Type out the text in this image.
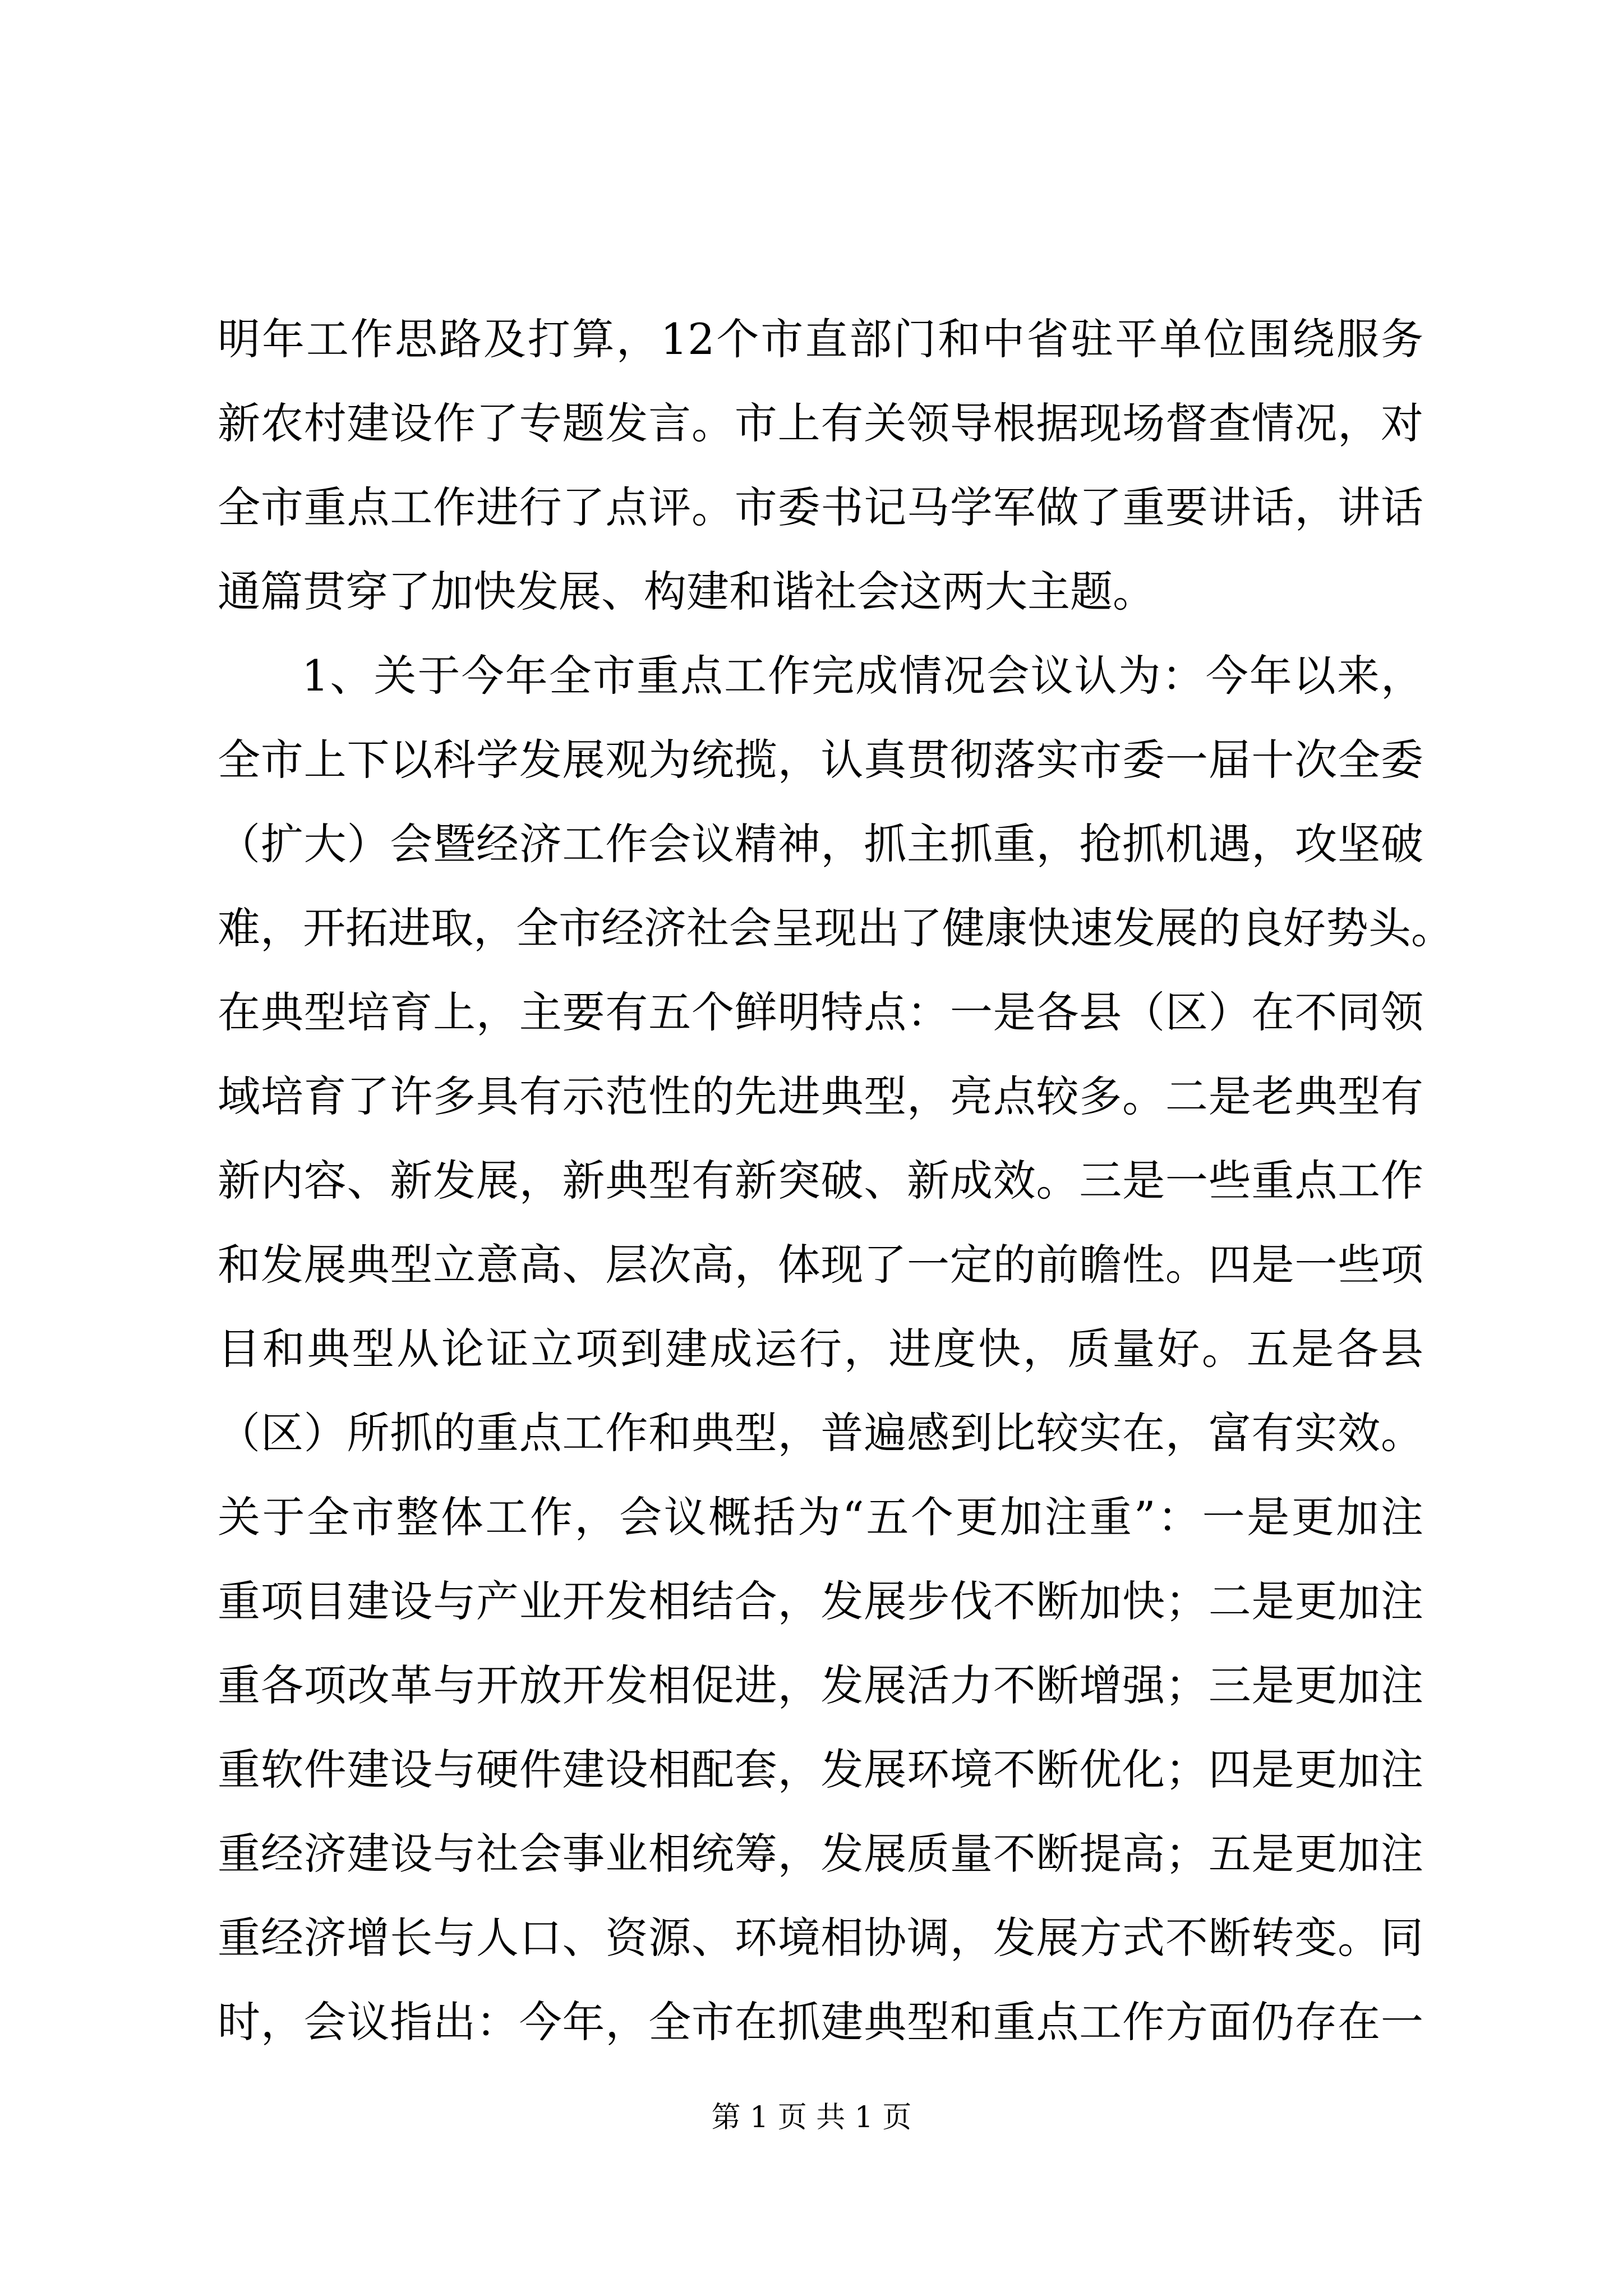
明年工作思路及打算，12个市直部门和中省驻平单位围绕服务
新农村建设作了专题发言。市上有关领导根据现场督查情况，对
全市重点工作进行了点评。市委书记马学军做了重要讲话，讲话
通篇贯穿了加快发展、构建和谐社会这两大主题。
1、关于今年全市重点工作完成情况会议认为：今年以来，
全市上下以科学发展观为统揽，认真贯彻落实市委一届十次全委
（扩大）会暨经济工作会议精神，抓主抓重，抢抓机遇，攻坚破
难，开拓进取，全市经济社会呈现出了健康快速发展的良好势头。
在典型培育上，主要有五个鲜明特点：一是各县（区）在不同领
域培育了许多具有示范性的先进典型，亮点较多。二是老典型有
新内容、新发展，新典型有新突破、新成效。三是一些重点工作
和发展典型立意高、层次高，体现了一定的前瞻性。四是一些项
目和典型从论证立项到建成运行，进度快，质量好。五是各县
（区）所抓的重点工作和典型，普遍感到比较实在，富有实效。
关于全市整体工作，会议概括为“五个更加注重”：一是更加注
重项目建设与产业开发相结合，发展步伐不断加快；二是更加注
重各项改革与开放开发相促进，发展活力不断增强；三是更加注
重软件建设与硬件建设相配套，发展环境不断优化；四是更加注
重经济建设与社会事业相统筹，发展质量不断提高；五是更加注
重经济增长与人口、资源、环境相协调，发展方式不断转变。同
时，会议指出：今年，全市在抓建典型和重点工作方面仍存在一
第 1 页 共 1 页
